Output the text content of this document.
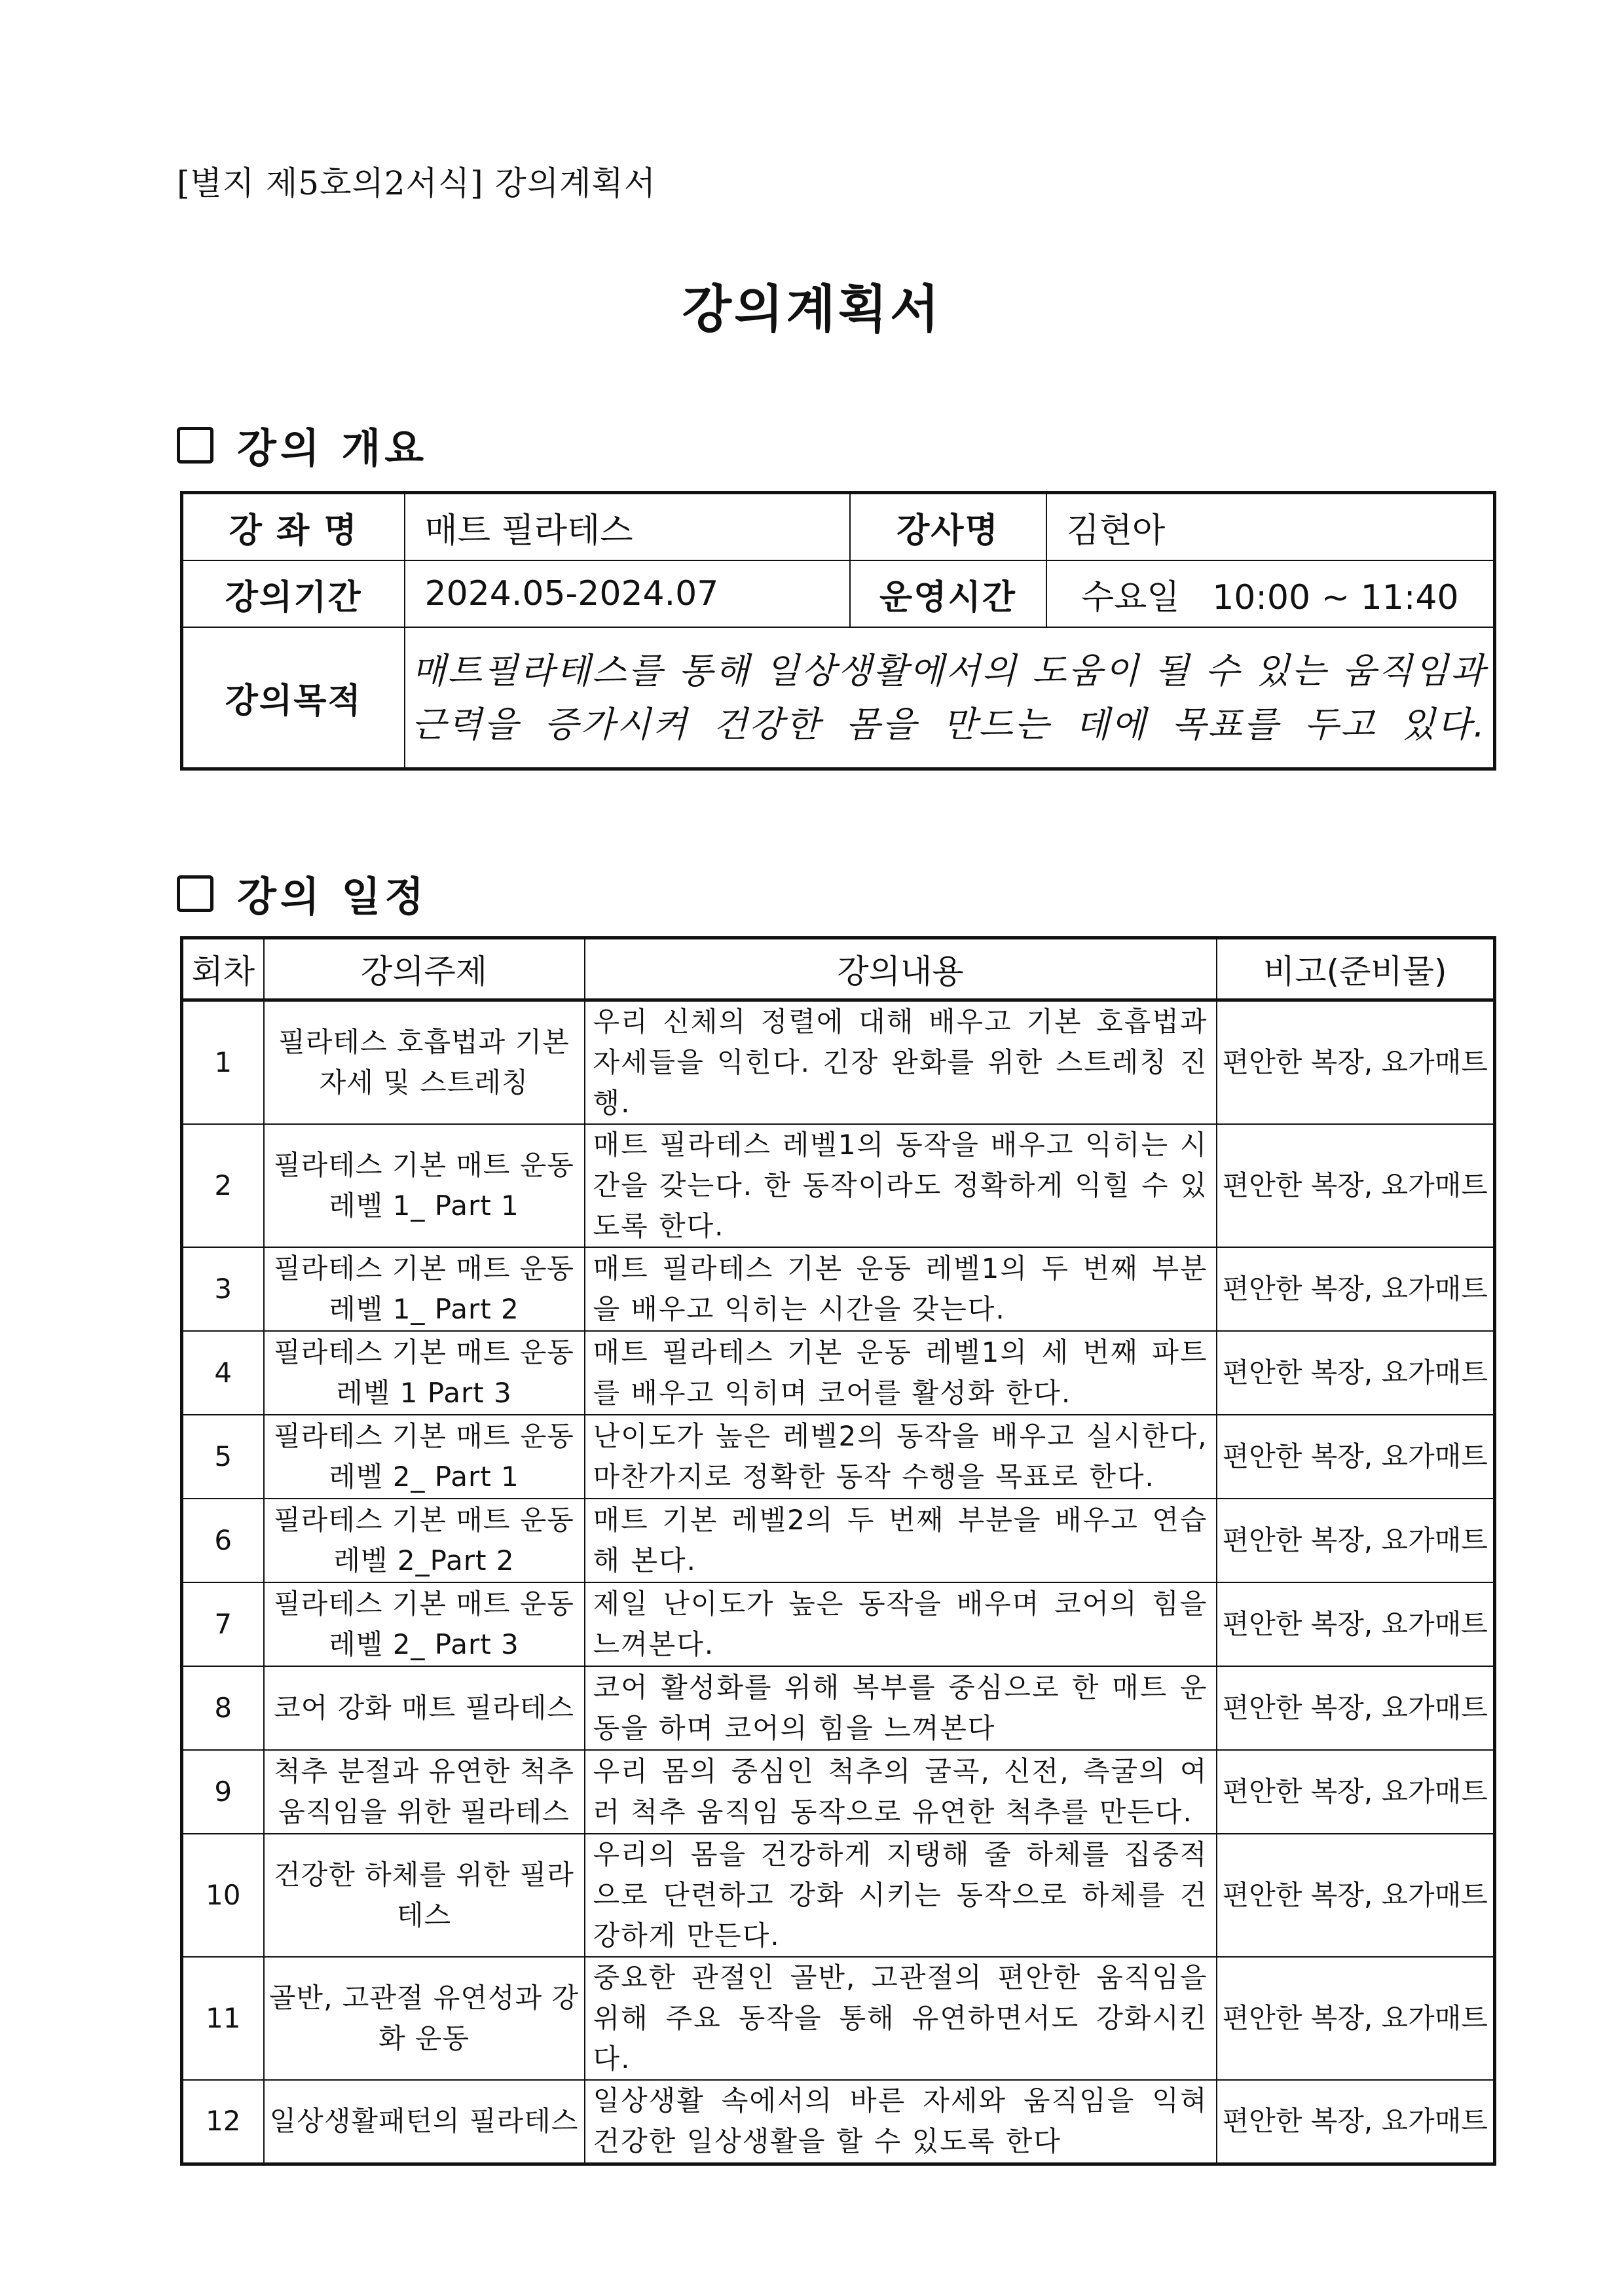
[별지 제5호의2서식] 강의계획서
강의계획서
강의 개요
강 좌 명	매트 필라테스	강사명	김현아
강의기간	2024.05-2024.07	운영시간	수요일   10:00 ~ 11:40
강의목적	매트필라테스를 통해 일상생활에서의 도움이 될 수 있는 움직임과 근력을 증가시켜 건강한 몸을 만드는 데에 목표를 두고 있다.		
강의 일정
회차	강의주제	강의내용	비고(준비물)
1	필라테스 호흡법과 기본자세 및 스트레칭	우리 신체의 정렬에 대해 배우고 기본 호흡법과 자세들을 익힌다. 긴장 완화를 위한 스트레칭 진행.	편안한 복장, 요가매트
2	필라테스 기본 매트 운동 레벨 1_ Part 1	매트 필라테스 레벨1의 동작을 배우고 익히는 시간을 갖는다. 한 동작이라도 정확하게 익힐 수 있도록 한다.	편안한 복장, 요가매트
3	필라테스 기본 매트 운동 레벨 1_ Part 2	매트 필라테스 기본 운동 레벨1의 두 번째 부분을 배우고 익히는 시간을 갖는다.	편안한 복장, 요가매트
4	필라테스 기본 매트 운동 레벨 1 Part 3	매트 필라테스 기본 운동 레벨1의 세 번째 파트를 배우고 익히며 코어를 활성화 한다.	편안한 복장, 요가매트
5	필라테스 기본 매트 운동 레벨 2_ Part 1	난이도가 높은 레벨2의 동작을 배우고 실시한다, 마찬가지로 정확한 동작 수행을 목표로 한다.	편안한 복장, 요가매트
6	필라테스 기본 매트 운동 레벨 2_Part 2	매트 기본 레벨2의 두 번째 부분을 배우고 연습해 본다.	편안한 복장, 요가매트
7	필라테스 기본 매트 운동 레벨 2_ Part 3	제일 난이도가 높은 동작을 배우며 코어의 힘을 느껴본다.	편안한 복장, 요가매트
8	코어 강화 매트 필라테스	코어 활성화를 위해 복부를 중심으로 한 매트 운동을 하며 코어의 힘을 느껴본다	편안한 복장, 요가매트
9	척추 분절과 유연한 척추 움직임을 위한 필라테스	우리 몸의 중심인 척추의 굴곡, 신전, 측굴의 여러 척추 움직임 동작으로 유연한 척추를 만든다.	편안한 복장, 요가매트
10	건강한 하체를 위한 필라테스	우리의 몸을 건강하게 지탱해 줄 하체를 집중적으로 단련하고 강화 시키는 동작으로 하체를 건강하게 만든다.	편안한 복장, 요가매트
11	골반, 고관절 유연성과 강화 운동	중요한 관절인 골반, 고관절의 편안한 움직임을 위해 주요 동작을 통해 유연하면서도 강화시킨다.	편안한 복장, 요가매트
12	일상생활패턴의 필라테스	일상생활 속에서의 바른 자세와 움직임을 익혀 건강한 일상생활을 할 수 있도록 한다	편안한 복장, 요가매트
